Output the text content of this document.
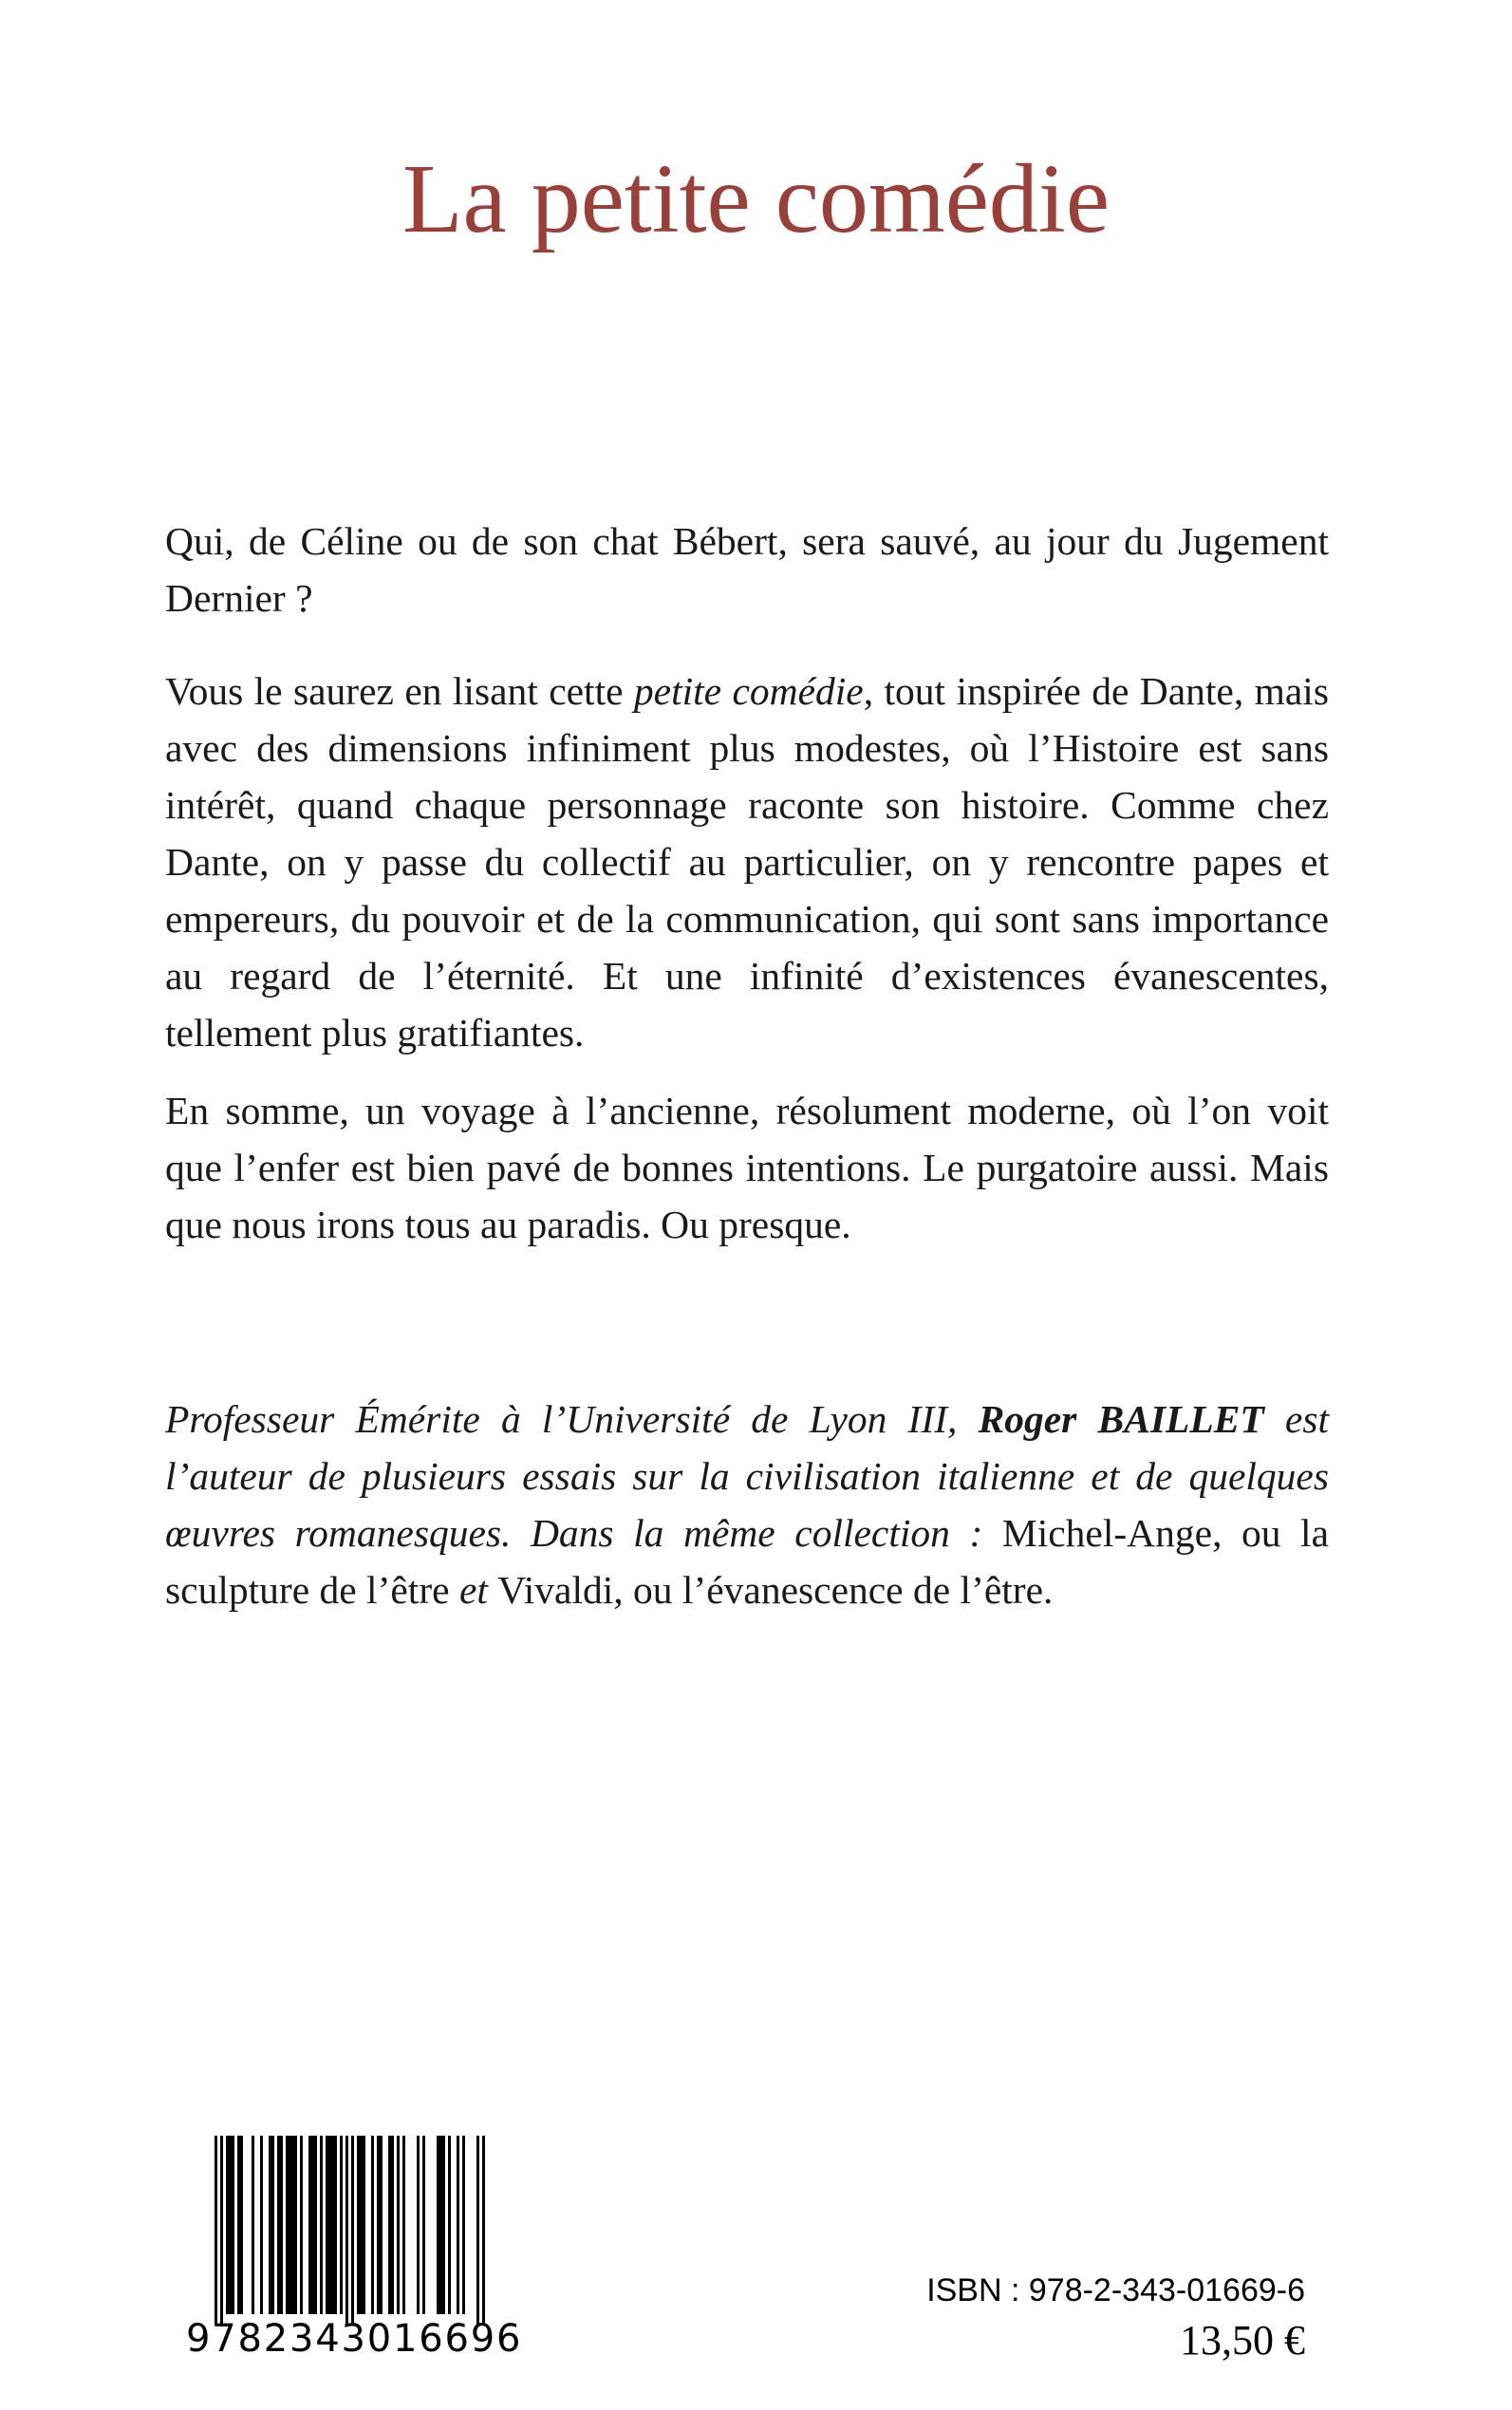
La petite comédie

Qui, de Céline ou de son chat Bébert, sera sauvé, au jour du Jugement Dernier ?

Vous le saurez en lisant cette petite comédie, tout inspirée de Dante, mais avec des dimensions infiniment plus modestes, où l’Histoire est sans intérêt, quand chaque personnage raconte son histoire. Comme chez Dante, on y passe du collectif au particulier, on y rencontre papes et empereurs, du pouvoir et de la communication, qui sont sans importance au regard de l’éternité. Et une infinité d’existences évanescentes, tellement plus gratifiantes.

En somme, un voyage à l’ancienne, résolument moderne, où l’on voit que l’enfer est bien pavé de bonnes intentions. Le purgatoire aussi. Mais que nous irons tous au paradis. Ou presque.

Professeur Émérite à l’Université de Lyon III, Roger BAILLET est l’auteur de plusieurs essais sur la civilisation italienne et de quelques œuvres romanesques. Dans la même collection : Michel-Ange, ou la sculpture de l’être et Vivaldi, ou l’évanescence de l’être.

9782343016696
ISBN : 978-2-343-01669-6
13,50 €
